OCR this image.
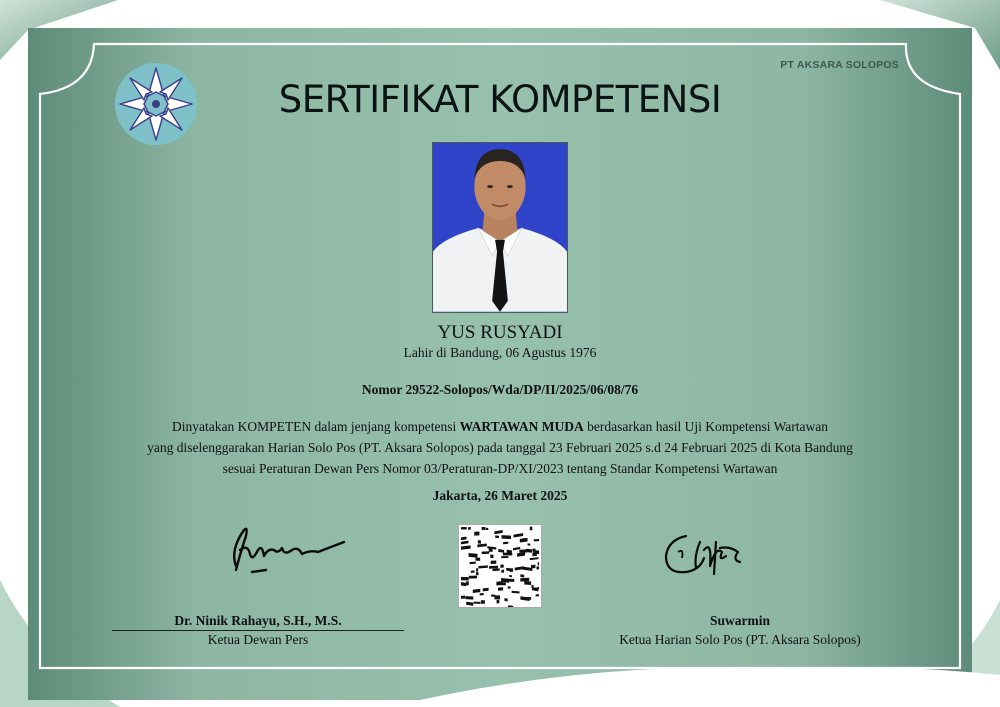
PT AKSARA SOLOPOS
SERTIFIKAT KOMPETENSI
YUS RUSYADI
Lahir di Bandung, 06 Agustus 1976
Nomor 29522-Solopos/Wda/DP/II/2025/06/08/76
Dinyatakan KOMPETEN dalam jenjang kompetensi WARTAWAN MUDA berdasarkan hasil Uji Kompetensi Wartawan
yang diselenggarakan Harian Solo Pos (PT. Aksara Solopos) pada tanggal 23 Februari 2025 s.d 24 Februari 2025 di Kota Bandung
sesuai Peraturan Dewan Pers Nomor 03/Peraturan-DP/XI/2023 tentang Standar Kompetensi Wartawan
Jakarta, 26 Maret 2025
Dr. Ninik Rahayu, S.H., M.S.
Ketua Dewan Pers
Suwarmin
Ketua Harian Solo Pos (PT. Aksara Solopos)
